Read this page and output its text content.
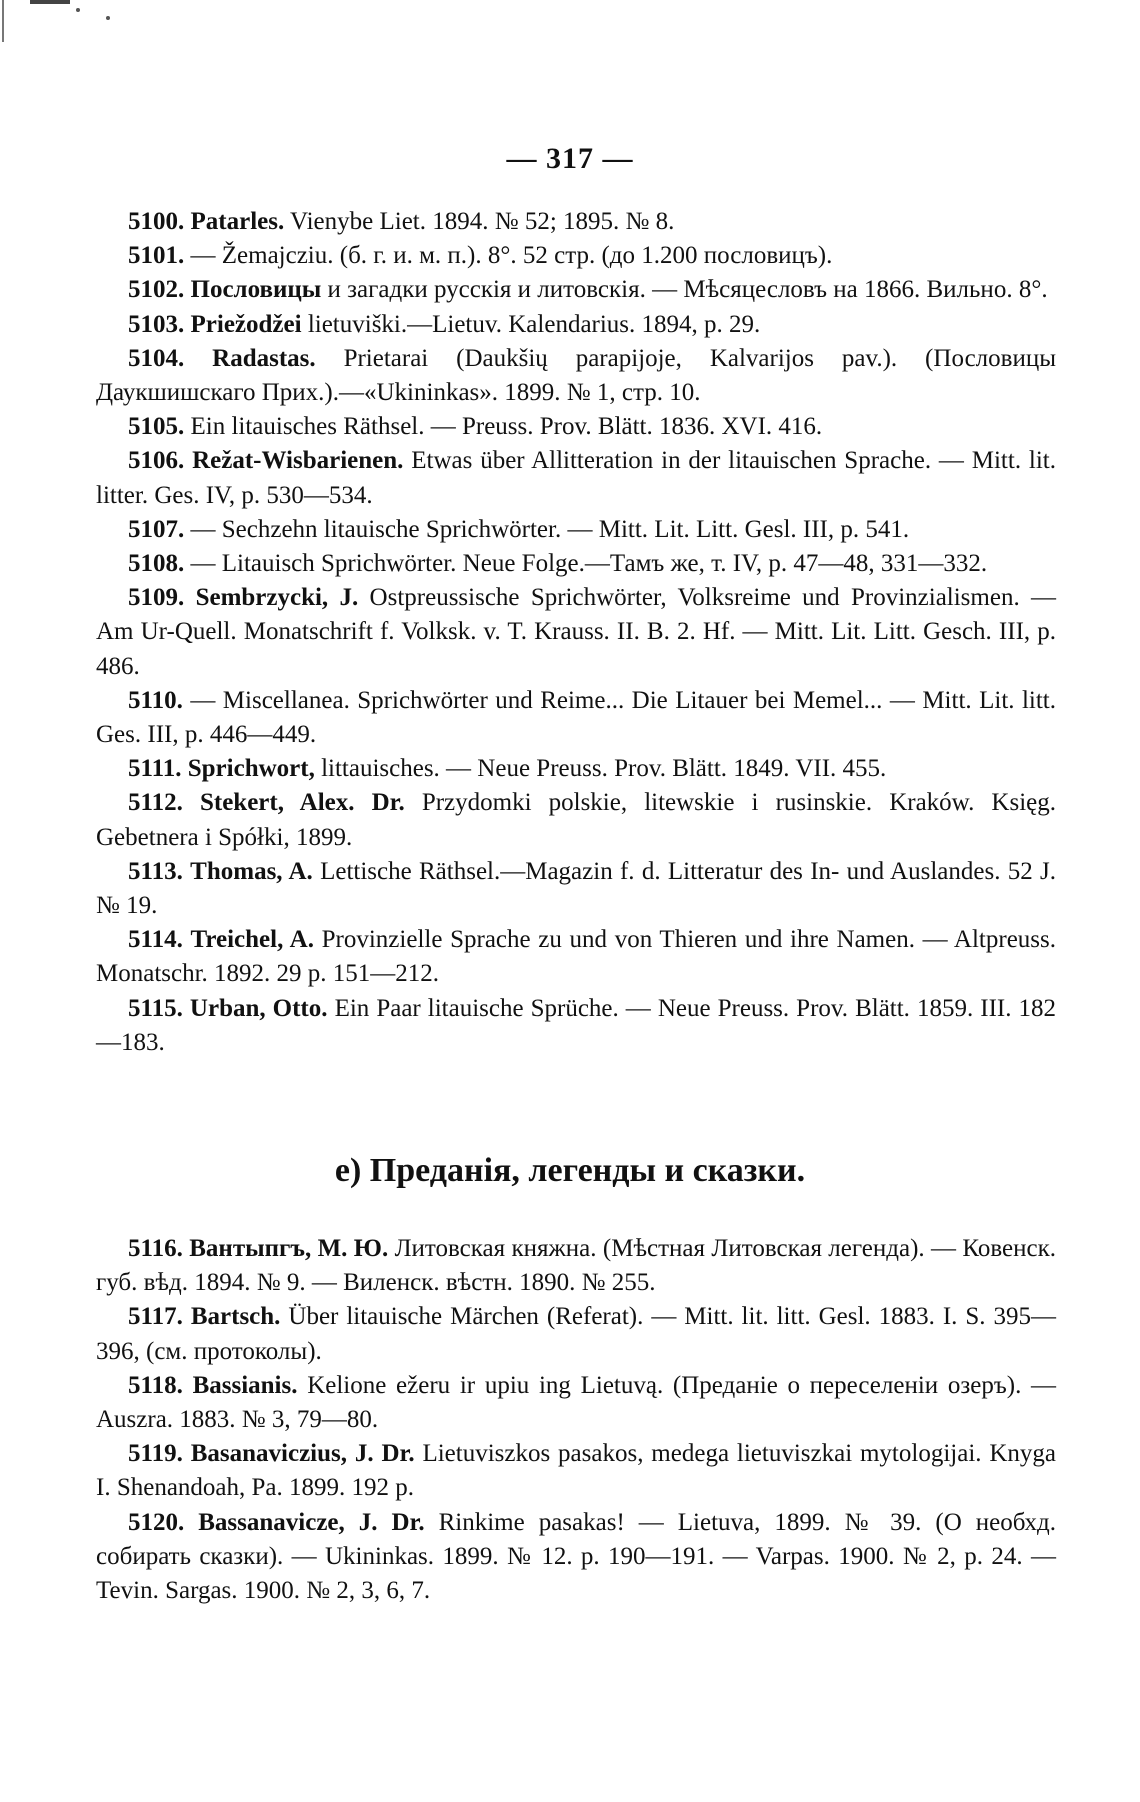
— 317 —

5100. Patarles. Vienybe Liet. 1894. № 52; 1895. № 8.

5101. — Žemajcziu. (б. г. и. м. п.). 8°. 52 стр. (до 1.200 пословицъ).

5102. Пословицы и загадки русскія и литовскія. — Мѣсяцесловъ на 1866. Вильно. 8°.

5103. Priežodžei lietuviški.—Lietuv. Kalendarius. 1894, p. 29.

5104. Radastas. Prietarai (Daukšių parapijoje, Kalvarijos pav.). (Пословицы Даукшишскаго Прих.).—«Ukininkas». 1899. № 1, стр. 10.

5105. Ein litauisches Räthsel. — Preuss. Prov. Blätt. 1836. XVI. 416.

5106. Režat-Wisbarienen. Etwas über Allitteration in der litauischen Sprache. — Mitt. lit. litter. Ges. IV, p. 530—534.

5107. — Sechzehn litauische Sprichwörter. — Mitt. Lit. Litt. Gesl. III, p. 541.

5108. — Litauisch Sprichwörter. Neue Folge.—Тамъ же, т. IV, p. 47—48, 331—332.

5109. Sembrzycki, J. Ostpreussische Sprichwörter, Volksreime und Provinzialismen. — Am Ur-Quell. Monatschrift f. Volksk. v. T. Krauss. II. B. 2. Hf. — Mitt. Lit. Litt. Gesch. III, p. 486.

5110. — Miscellanea. Sprichwörter und Reime... Die Litauer bei Memel... — Mitt. Lit. litt. Ges. III, p. 446—449.

5111. Sprichwort, littauisches. — Neue Preuss. Prov. Blätt. 1849. VII. 455.

5112. Stekert, Alex. Dr. Przydomki polskie, litewskie i rusinskie. Kraków. Księg. Gebetnera i Spółki, 1899.

5113. Thomas, A. Lettische Räthsel.—Magazin f. d. Litteratur des In- und Auslandes. 52 J. № 19.

5114. Treichel, A. Provinzielle Sprache zu und von Thieren und ihre Namen. — Altpreuss. Monatschr. 1892. 29 p. 151—212.

5115. Urban, Otto. Ein Paar litauische Sprüche. — Neue Preuss. Prov. Blätt. 1859. III. 182—183.

е) Преданія, легенды и сказки.

5116. Вантыпгъ, М. Ю. Литовская княжна. (Мѣстная Литовская легенда). — Ковенск. губ. вѣд. 1894. № 9. — Виленск. вѣстн. 1890. № 255.

5117. Bartsch. Über litauische Märchen (Referat). — Mitt. lit. litt. Gesl. 1883. I. S. 395—396, (см. протоколы).

5118. Bassianis. Kelione ežeru ir upiu ing Lietuvą. (Преданіе о переселеніи озеръ). — Auszra. 1883. № 3, 79—80.

5119. Basanaviczius, J. Dr. Lietuviszkos pasakos, medega lietuviszkai mytologijai. Knyga I. Shenandoah, Pa. 1899. 192 p.

5120. Bassanavicze, J. Dr. Rinkime pasakas! — Lietuva, 1899. № 39. (О необхд. собирать сказки). — Ukininkas. 1899. № 12. p. 190—191. — Varpas. 1900. № 2, p. 24. — Tevin. Sargas. 1900. № 2, 3, 6, 7.
